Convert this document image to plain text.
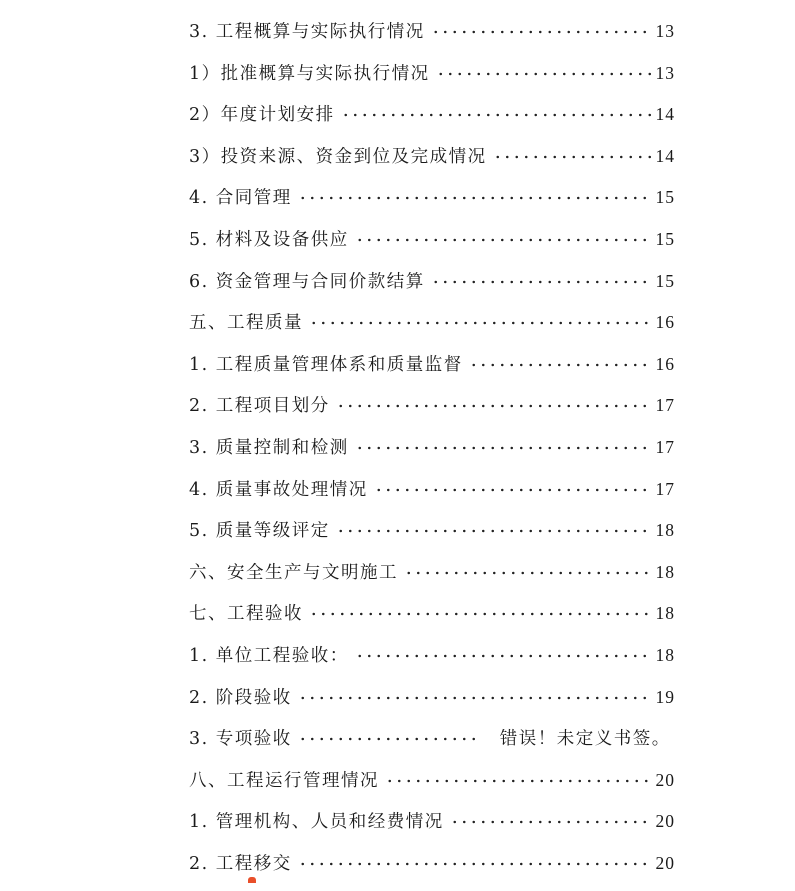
3. 工程概算与实际执行情况	13
1）批准概算与实际执行情况	13
2）年度计划安排	14
3）投资来源、资金到位及完成情况	14
4. 合同管理	15
5. 材料及设备供应	15
6. 资金管理与合同价款结算	15
五、工程质量	16
1. 工程质量管理体系和质量监督	16
2. 工程项目划分	17
3. 质量控制和检测	17
4. 质量事故处理情况	17
5. 质量等级评定	18
六、安全生产与文明施工	18
七、工程验收	18
1. 单位工程验收：	18
2. 阶段验收	19
3. 专项验收	错误！未定义书签。
八、工程运行管理情况	20
1. 管理机构、人员和经费情况	20
2. 工程移交	20
